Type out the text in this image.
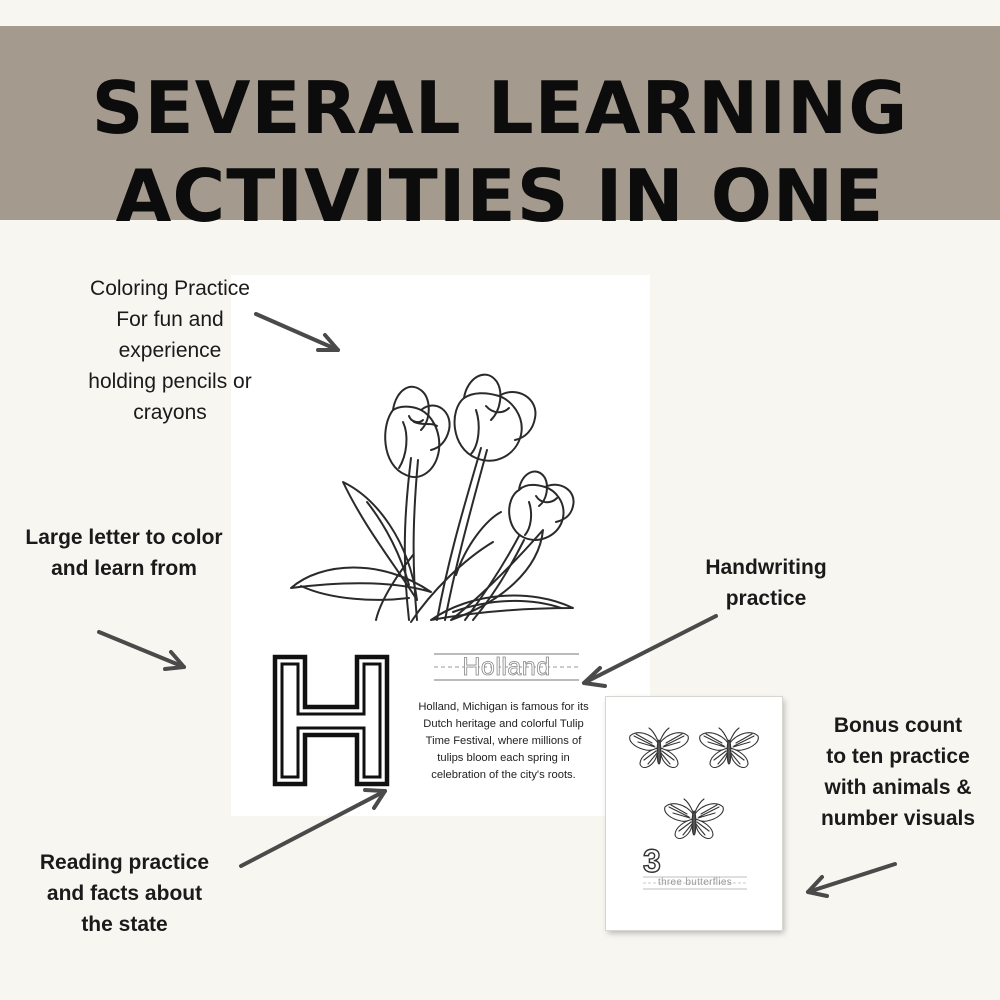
SEVERAL LEARNING
ACTIVITIES IN ONE
Holland
Holland, Michigan is famous for its
Dutch heritage and colorful Tulip
Time Festival, where millions of
tulips bloom each spring in
celebration of the city's roots.
3
three butterflies
Coloring Practice
For fun and
experience
holding pencils or
crayons
Large letter to color
and learn from	Handwriting
practice
Reading practice
and facts about
the state
Bonus count
to ten practice
with animals &
number visuals
